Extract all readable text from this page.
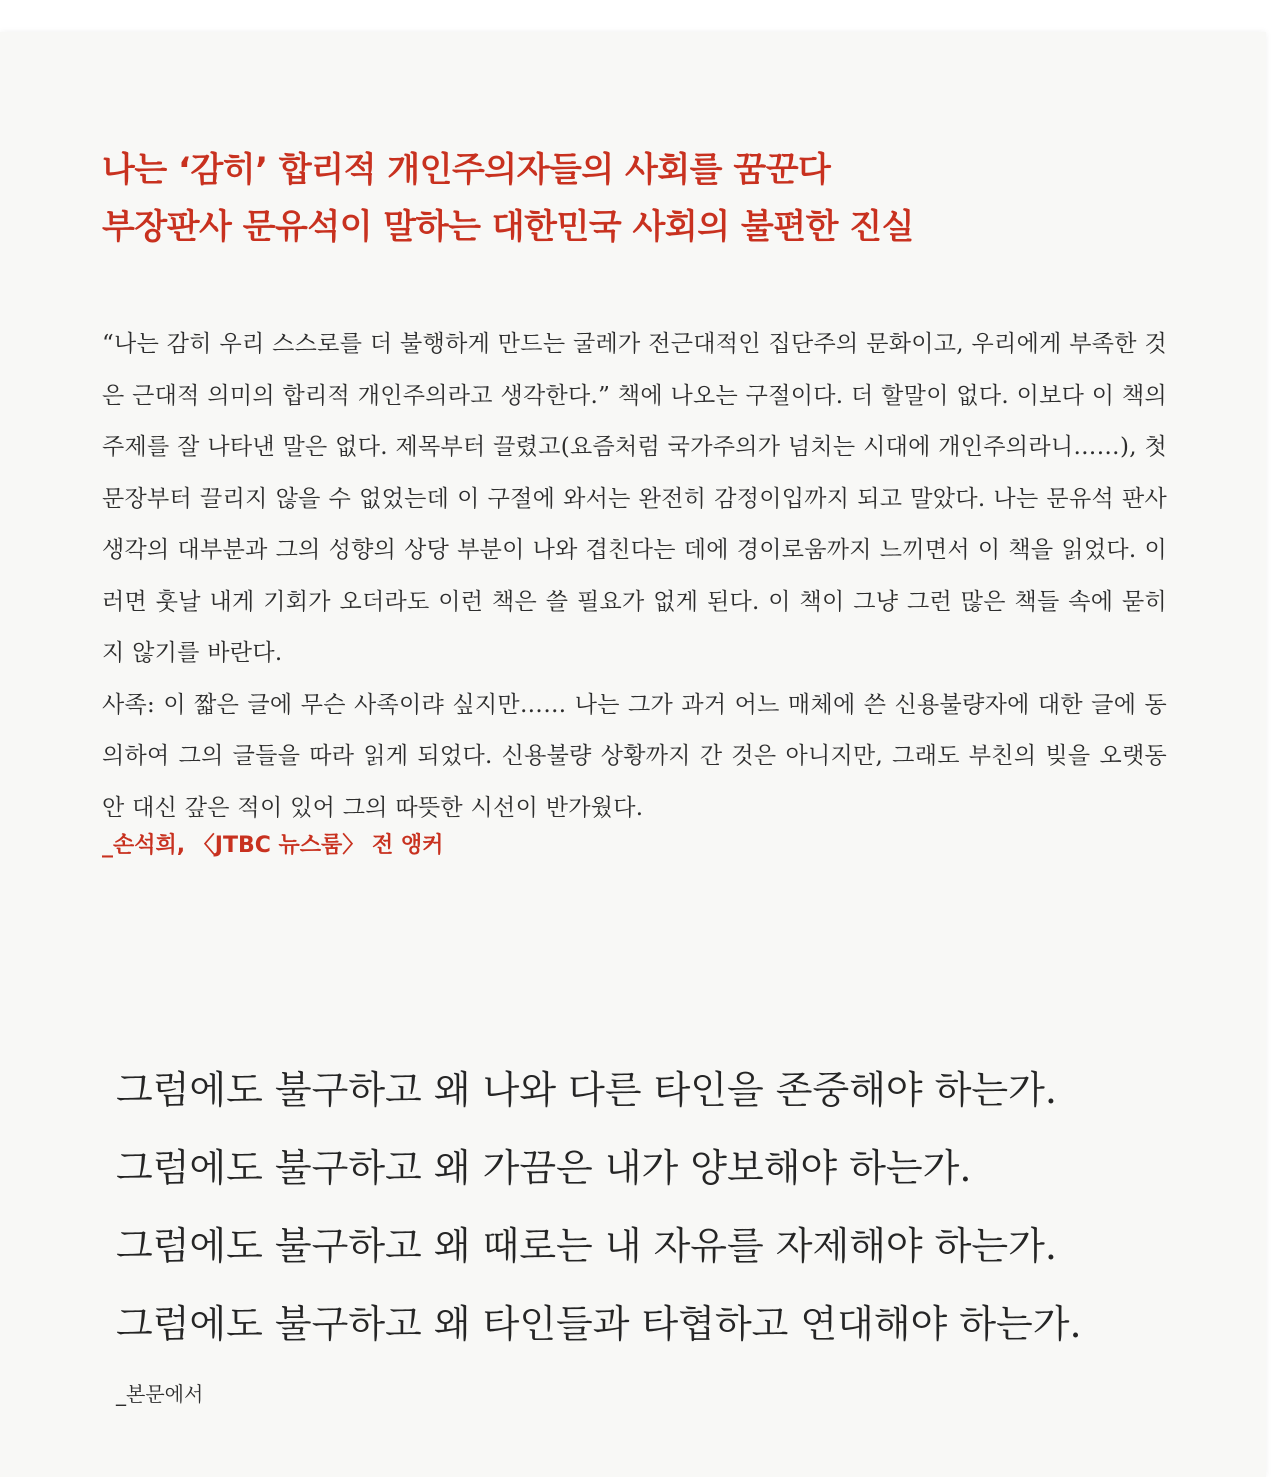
나는 ‘감히’ 합리적 개인주의자들의 사회를 꿈꾼다
부장판사 문유석이 말하는 대한민국 사회의 불편한 진실

“나는 감히 우리 스스로를 더 불행하게 만드는 굴레가 전근대적인 집단주의 문화이고, 우리에게 부족한 것은 근대적 의미의 합리적 개인주의라고 생각한다.” 책에 나오는 구절이다. 더 할말이 없다. 이보다 이 책의 주제를 잘 나타낸 말은 없다. 제목부터 끌렸고(요즘처럼 국가주의가 넘치는 시대에 개인주의라니……), 첫 문장부터 끌리지 않을 수 없었는데 이 구절에 와서는 완전히 감정이입까지 되고 말았다. 나는 문유석 판사 생각의 대부분과 그의 성향의 상당 부분이 나와 겹친다는 데에 경이로움까지 느끼면서 이 책을 읽었다. 이러면 훗날 내게 기회가 오더라도 이런 책은 쓸 필요가 없게 된다. 이 책이 그냥 그런 많은 책들 속에 묻히지 않기를 바란다.

사족: 이 짧은 글에 무슨 사족이랴 싶지만…… 나는 그가 과거 어느 매체에 쓴 신용불량자에 대한 글에 동의하여 그의 글들을 따라 읽게 되었다. 신용불량 상황까지 간 것은 아니지만, 그래도 부친의 빚을 오랫동안 대신 갚은 적이 있어 그의 따뜻한 시선이 반가웠다.

_손석희, 〈JTBC 뉴스룸〉 전 앵커
그럼에도 불구하고 왜 나와 다른 타인을 존중해야 하는가.
그럼에도 불구하고 왜 가끔은 내가 양보해야 하는가.
그럼에도 불구하고 왜 때로는 내 자유를 자제해야 하는가.
그럼에도 불구하고 왜 타인들과 타협하고 연대해야 하는가.
_본문에서
